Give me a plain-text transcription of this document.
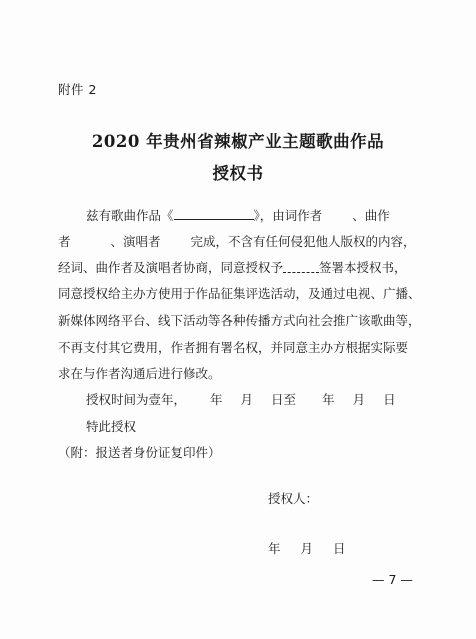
附件 2
2020 年贵州省辣椒产业主题歌曲作品
授权书
兹有歌曲作品《	》，由词作者 、曲作
者	、演唱者 完成，不含有任何侵犯他人版权的内容，
经词、曲作者及演唱者协商，同意授权予	签署本授权书，
同意授权给主办方使用于作品征集评选活动，及通过电视、广播、
新媒体网络平台、线下活动等各种传播方式向社会推广该歌曲等，
不再支付其它费用，作者拥有署名权，并同意主办方根据实际要
求在与作者沟通后进行修改。
授权时间为壹年， 年 月 日至 年 月 日
特此授权
（附：报送者身份证复印件）
授权人：
年 月 日
— 7 —
